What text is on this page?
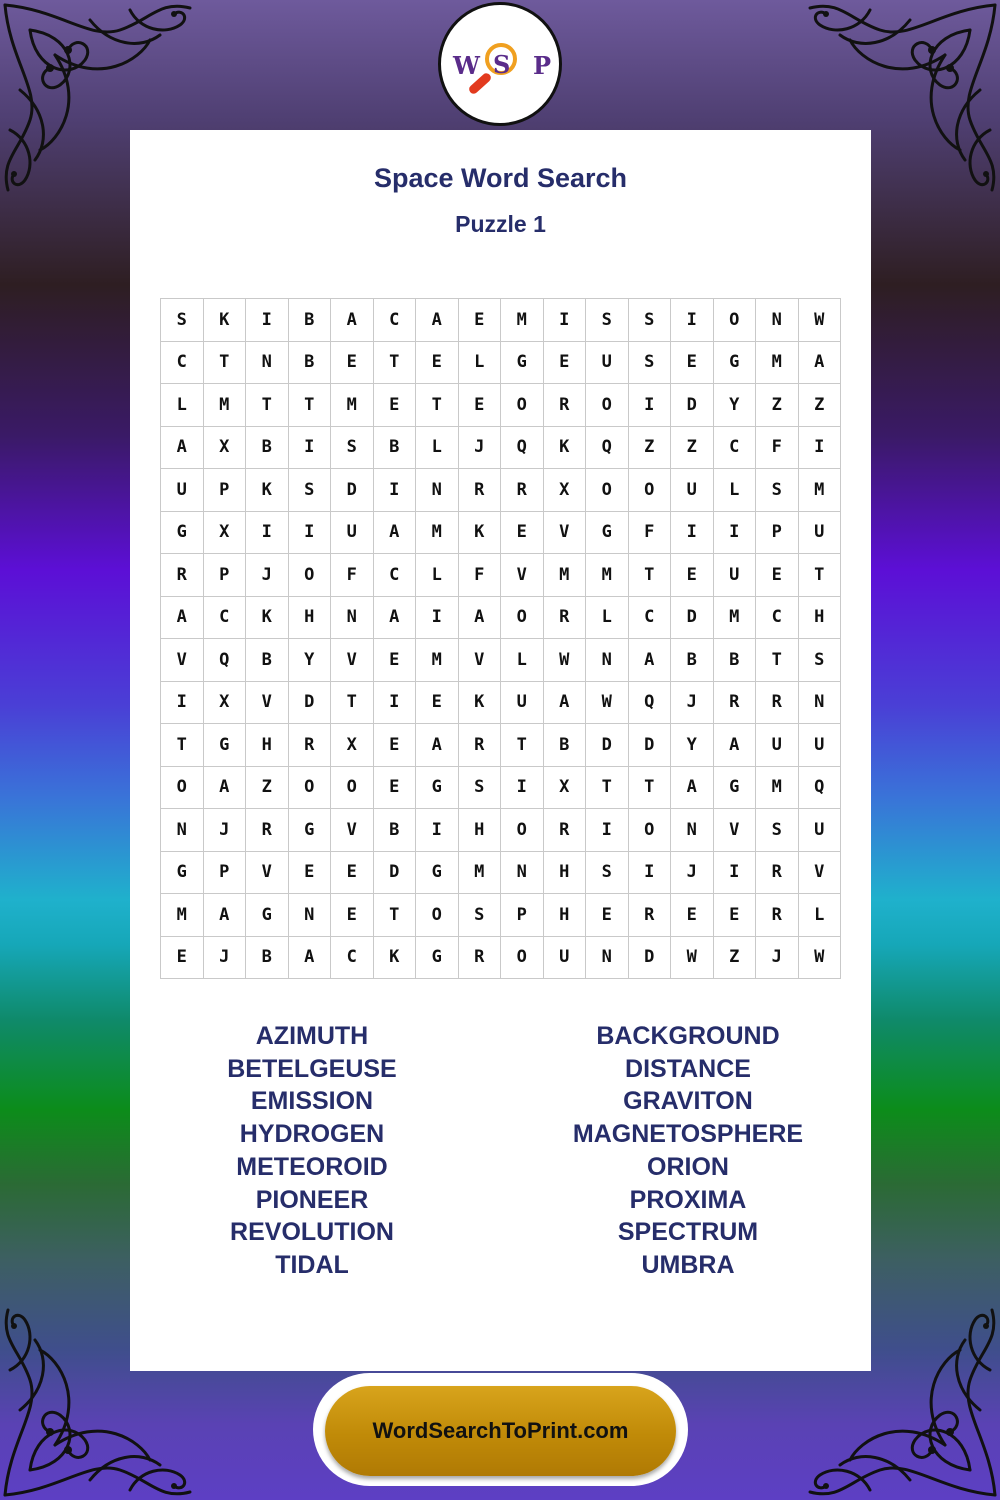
W S P
Space Word Search
Puzzle 1
S	K	I	B	A	C	A	E	M	I	S	S	I	O	N	W
C	T	N	B	E	T	E	L	G	E	U	S	E	G	M	A
L	M	T	T	M	E	T	E	O	R	O	I	D	Y	Z	Z
A	X	B	I	S	B	L	J	Q	K	Q	Z	Z	C	F	I
U	P	K	S	D	I	N	R	R	X	O	O	U	L	S	M
G	X	I	I	U	A	M	K	E	V	G	F	I	I	P	U
R	P	J	O	F	C	L	F	V	M	M	T	E	U	E	T
A	C	K	H	N	A	I	A	O	R	L	C	D	M	C	H
V	Q	B	Y	V	E	M	V	L	W	N	A	B	B	T	S
I	X	V	D	T	I	E	K	U	A	W	Q	J	R	R	N
T	G	H	R	X	E	A	R	T	B	D	D	Y	A	U	U
O	A	Z	O	O	E	G	S	I	X	T	T	A	G	M	Q
N	J	R	G	V	B	I	H	O	R	I	O	N	V	S	U
G	P	V	E	E	D	G	M	N	H	S	I	J	I	R	V
M	A	G	N	E	T	O	S	P	H	E	R	E	E	R	L
E	J	B	A	C	K	G	R	O	U	N	D	W	Z	J	W
AZIMUTH
BETELGEUSE
EMISSION
HYDROGEN
METEOROID
PIONEER
REVOLUTION
TIDAL
BACKGROUND
DISTANCE
GRAVITON
MAGNETOSPHERE
ORION
PROXIMA
SPECTRUM
UMBRA
WordSearchToPrint.com
